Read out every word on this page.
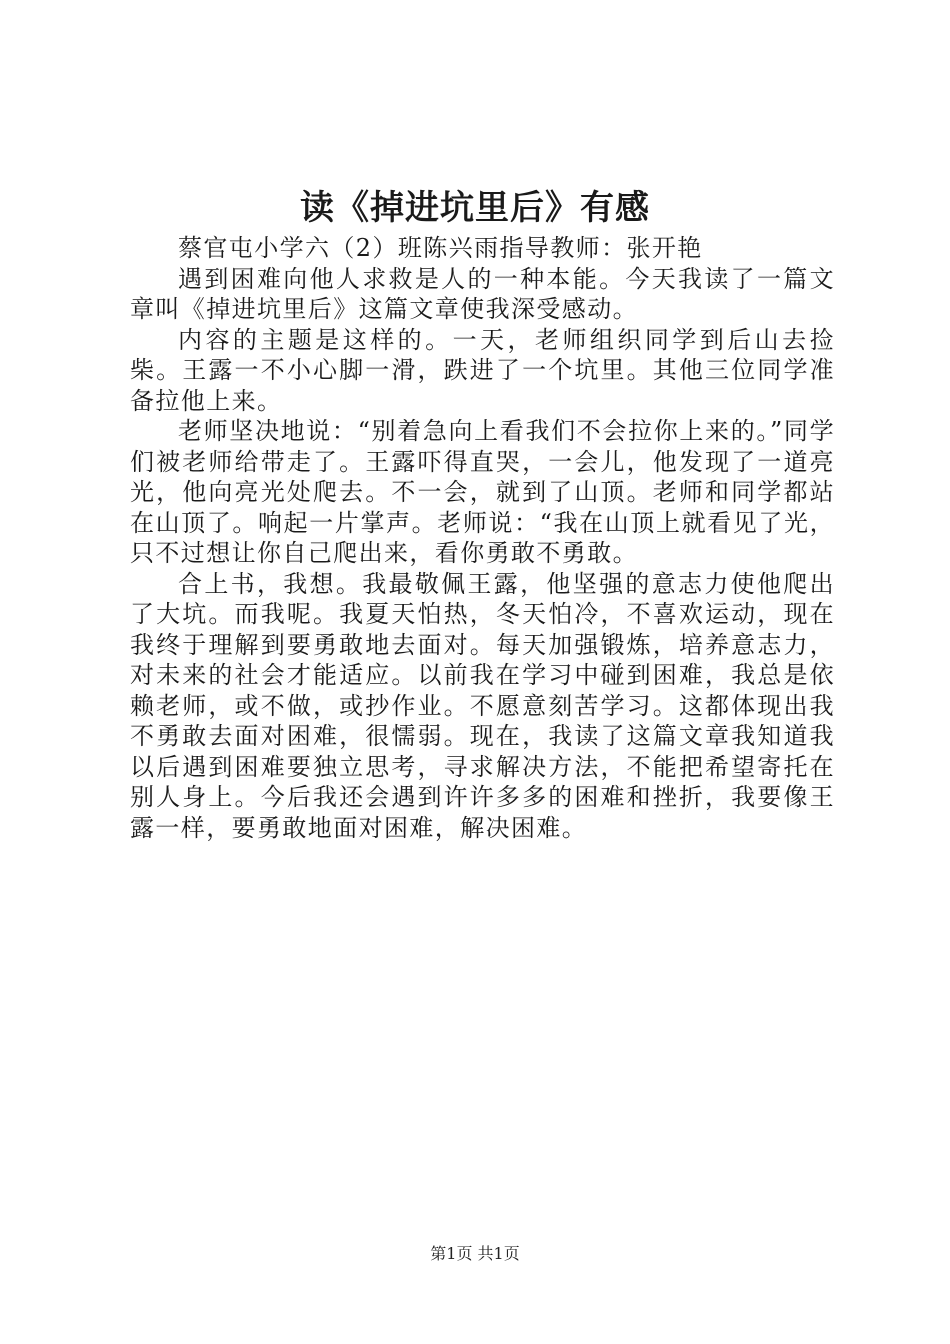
读《掉进坑里后》有感

蔡官屯小学六（2）班陈兴雨指导教师：张开艳

遇到困难向他人求救是人的一种本能。今天我读了一篇文章叫《掉进坑里后》这篇文章使我深受感动。

内容的主题是这样的。一天，老师组织同学到后山去捡柴。王露一不小心脚一滑，跌进了一个坑里。其他三位同学准备拉他上来。

老师坚决地说：“别着急向上看我们不会拉你上来的。”同学们被老师给带走了。王露吓得直哭，一会儿，他发现了一道亮光，他向亮光处爬去。不一会，就到了山顶。老师和同学都站在山顶了。响起一片掌声。老师说：“我在山顶上就看见了光，只不过想让你自己爬出来，看你勇敢不勇敢。

合上书，我想。我最敬佩王露，他坚强的意志力使他爬出了大坑。而我呢。我夏天怕热，冬天怕冷，不喜欢运动，现在我终于理解到要勇敢地去面对。每天加强锻炼，培养意志力，对未来的社会才能适应。以前我在学习中碰到困难，我总是依赖老师，或不做，或抄作业。不愿意刻苦学习。这都体现出我不勇敢去面对困难，很懦弱。现在，我读了这篇文章我知道我以后遇到困难要独立思考，寻求解决方法，不能把希望寄托在别人身上。今后我还会遇到许许多多的困难和挫折，我要像王露一样，要勇敢地面对困难，解决困难。

第1页 共1页
